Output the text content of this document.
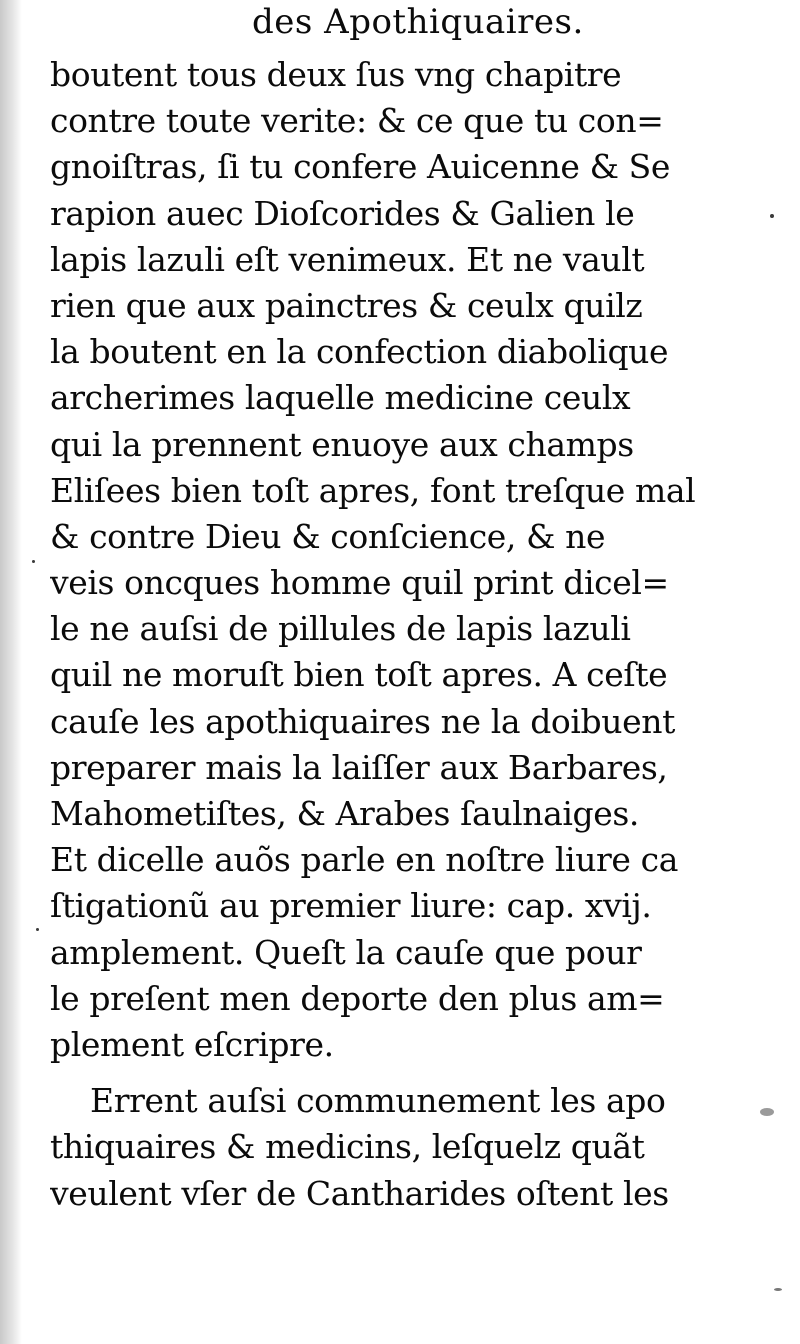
des Apothiquaires.
boutent tous deux ſus vng chapitre
contre toute verite: & ce que tu con=
gnoiſtras, ſi tu confere Auicenne & Se
rapion auec Dioſcorides & Galien le
lapis lazuli eſt venimeux. Et ne vault
rien que aux painctres & ceulx quilz
la boutent en la confection diabolique
archerimes laquelle medicine ceulx
qui la prennent enuoye aux champs
Eliſees bien toſt apres, font treſque mal
& contre Dieu & conſcience, & ne
veis oncques homme quil print dicel=
le ne auſsi de pillules de lapis lazuli
quil ne moruſt bien toſt apres. A ceſte
cauſe les apothiquaires ne la doibuent
preparer mais la laiſſer aux Barbares,
Mahometiſtes, & Arabes ſaulnaiges.
Et dicelle auõs parle en noſtre liure ca
ſtigationũ au premier liure: cap. xvij.
amplement. Queſt la cauſe que pour
le preſent men deporte den plus am=
plement eſcripre.
Errent auſsi communement les apo
thiquaires & medicins, leſquelz quãt
veulent vſer de Cantharides oſtent les
